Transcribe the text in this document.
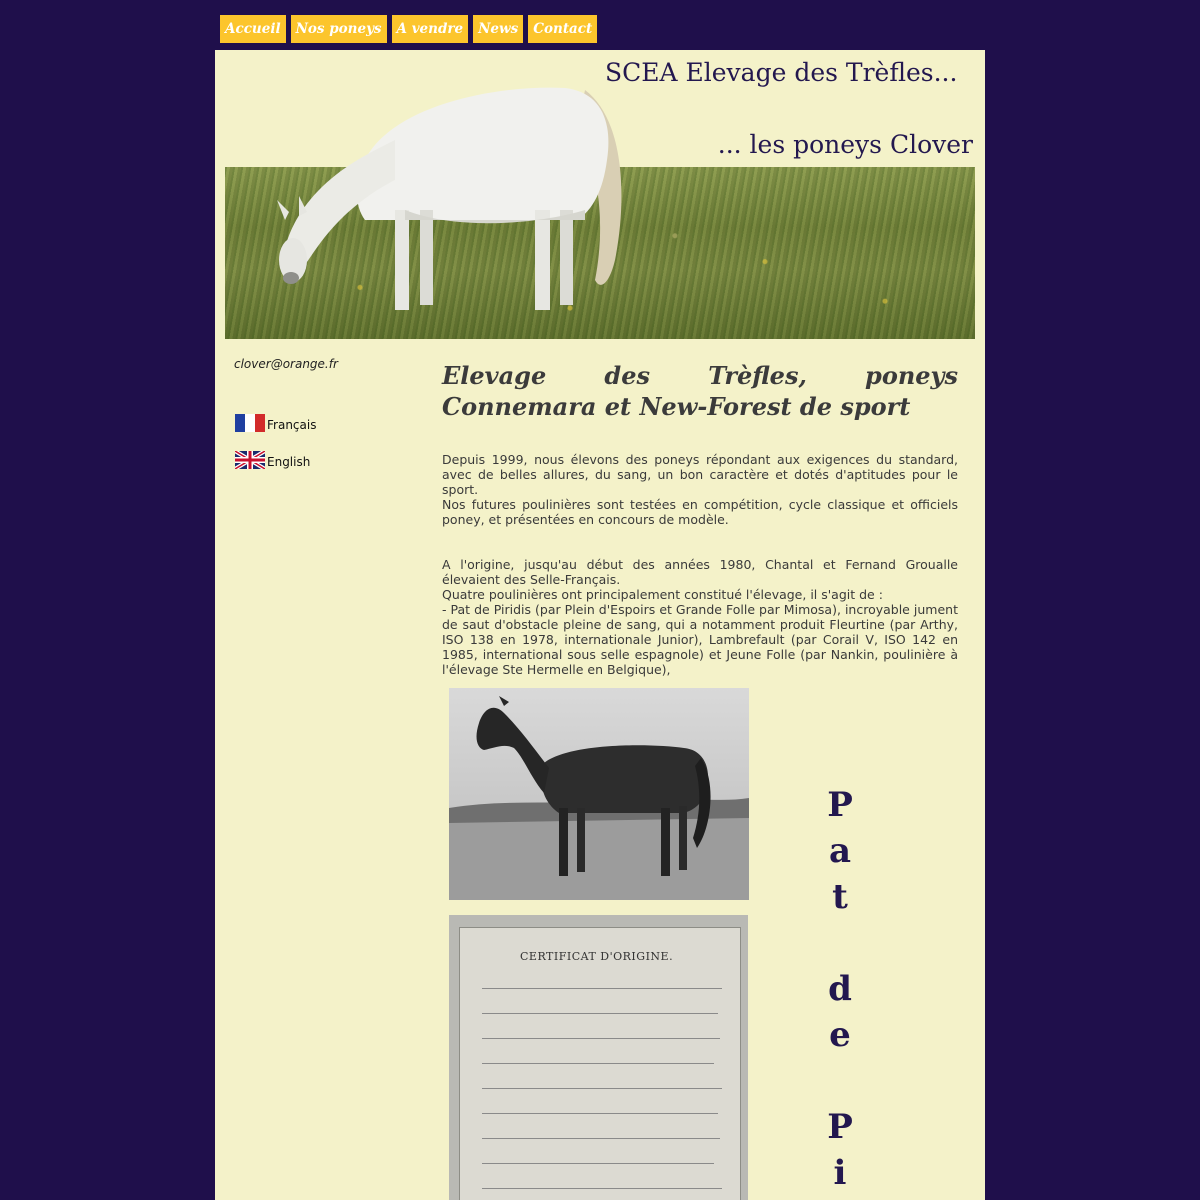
Accueil	Nos poneys	A vendre	News	Contact
SCEA Elevage des Trèfles...
... les poneys Clover
clover@orange.fr
Français
English
Elevage des Trèfles, poneys Connemara et New-Forest de sport

Depuis 1999, nous élevons des poneys répondant aux exigences du standard, avec de belles allures, du sang, un bon caractère et dotés d'aptitudes pour le sport.
Nos futures poulinières sont testées en compétition, cycle classique et officiels poney, et présentées en concours de modèle.

A l'origine, jusqu'au début des années 1980, Chantal et Fernand Groualle élevaient des Selle-Français.
Quatre poulinières ont principalement constitué l'élevage, il s'agit de :
- Pat de Piridis (par Plein d'Espoirs et Grande Folle par Mimosa), incroyable jument de saut d'obstacle pleine de sang, qui a notamment produit Fleurtine (par Arthy, ISO 138 en 1978, internationale Junior), Lambrefault (par Corail V, ISO 142 en 1985, international sous selle espagnole) et Jeune Folle (par Nankin, poulinière à l'élevage Ste Hermelle en Belgique),

CERTIFICAT D'ORIGINE.
P
a
t
d
e
P
i
